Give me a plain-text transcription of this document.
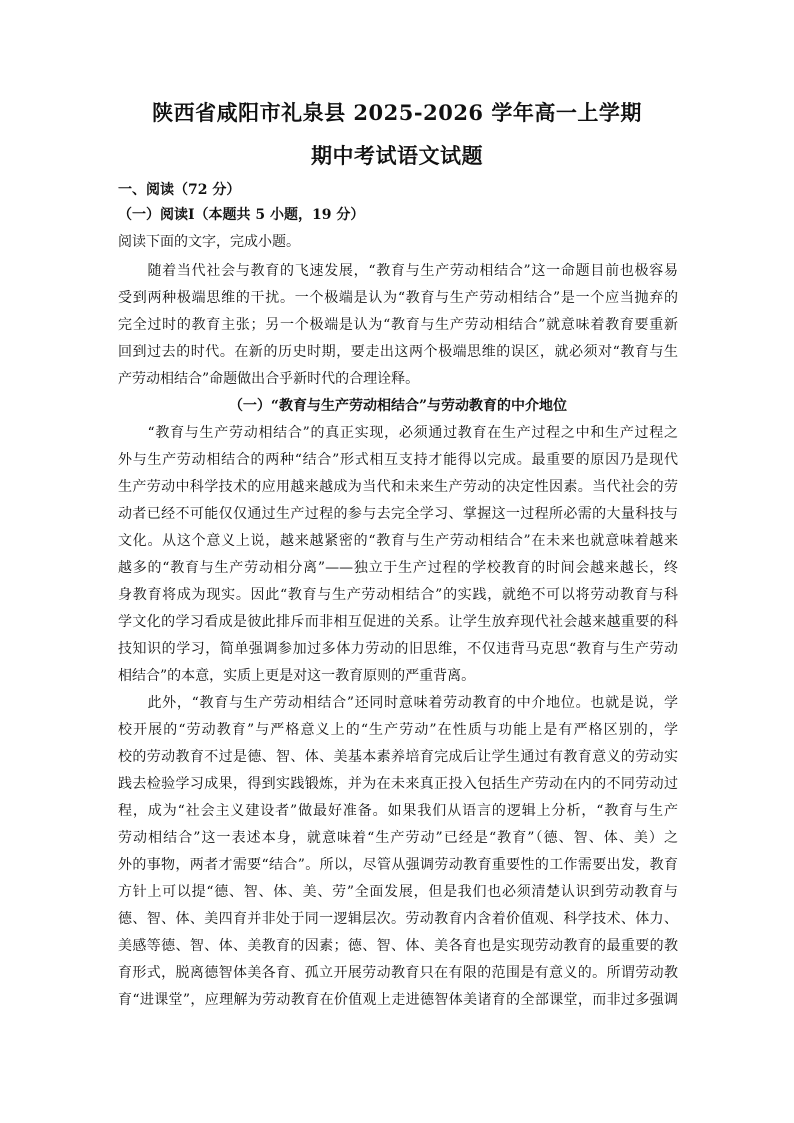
陕西省咸阳市礼泉县 2025-2026 学年高一上学期
期中考试语文试题
一、阅读（72 分）
（一）阅读Ⅰ（本题共 5 小题，19 分）
阅读下面的文字，完成小题。
　　随着当代社会与教育的飞速发展，“教育与生产劳动相结合”这一命题目前也极容易
受到两种极端思维的干扰。一个极端是认为“教育与生产劳动相结合”是一个应当抛弃的
完全过时的教育主张；另一个极端是认为“教育与生产劳动相结合”就意味着教育要重新
回到过去的时代。在新的历史时期，要走出这两个极端思维的误区，就必须对“教育与生
产劳动相结合”命题做出合乎新时代的合理诠释。
（一）“教育与生产劳动相结合”与劳动教育的中介地位
　　“教育与生产劳动相结合”的真正实现，必须通过教育在生产过程之中和生产过程之
外与生产劳动相结合的两种“结合”形式相互支持才能得以完成。最重要的原因乃是现代
生产劳动中科学技术的应用越来越成为当代和未来生产劳动的决定性因素。当代社会的劳
动者已经不可能仅仅通过生产过程的参与去完全学习、掌握这一过程所必需的大量科技与
文化。从这个意义上说，越来越紧密的“教育与生产劳动相结合”在未来也就意味着越来
越多的“教育与生产劳动相分离”——独立于生产过程的学校教育的时间会越来越长，终
身教育将成为现实。因此“教育与生产劳动相结合”的实践，就绝不可以将劳动教育与科
学文化的学习看成是彼此排斥而非相互促进的关系。让学生放弃现代社会越来越重要的科
技知识的学习，简单强调参加过多体力劳动的旧思维，不仅违背马克思“教育与生产劳动
相结合”的本意，实质上更是对这一教育原则的严重背离。
　　此外，“教育与生产劳动相结合”还同时意味着劳动教育的中介地位。也就是说，学
校开展的“劳动教育”与严格意义上的“生产劳动”在性质与功能上是有严格区别的，学
校的劳动教育不过是德、智、体、美基本素养培育完成后让学生通过有教育意义的劳动实
践去检验学习成果，得到实践锻炼，并为在未来真正投入包括生产劳动在内的不同劳动过
程，成为“社会主义建设者”做最好准备。如果我们从语言的逻辑上分析，“教育与生产
劳动相结合”这一表述本身，就意味着“生产劳动”已经是“教育”（德、智、体、美）之
外的事物，两者才需要“结合”。所以，尽管从强调劳动教育重要性的工作需要出发，教育
方针上可以提“德、智、体、美、劳”全面发展，但是我们也必须清楚认识到劳动教育与
德、智、体、美四育并非处于同一逻辑层次。劳动教育内含着价值观、科学技术、体力、
美感等德、智、体、美教育的因素；德、智、体、美各育也是实现劳动教育的最重要的教
育形式，脱离德智体美各育、孤立开展劳动教育只在有限的范围是有意义的。所谓劳动教
育“进课堂”，应理解为劳动教育在价值观上走进德智体美诸育的全部课堂，而非过多强调
